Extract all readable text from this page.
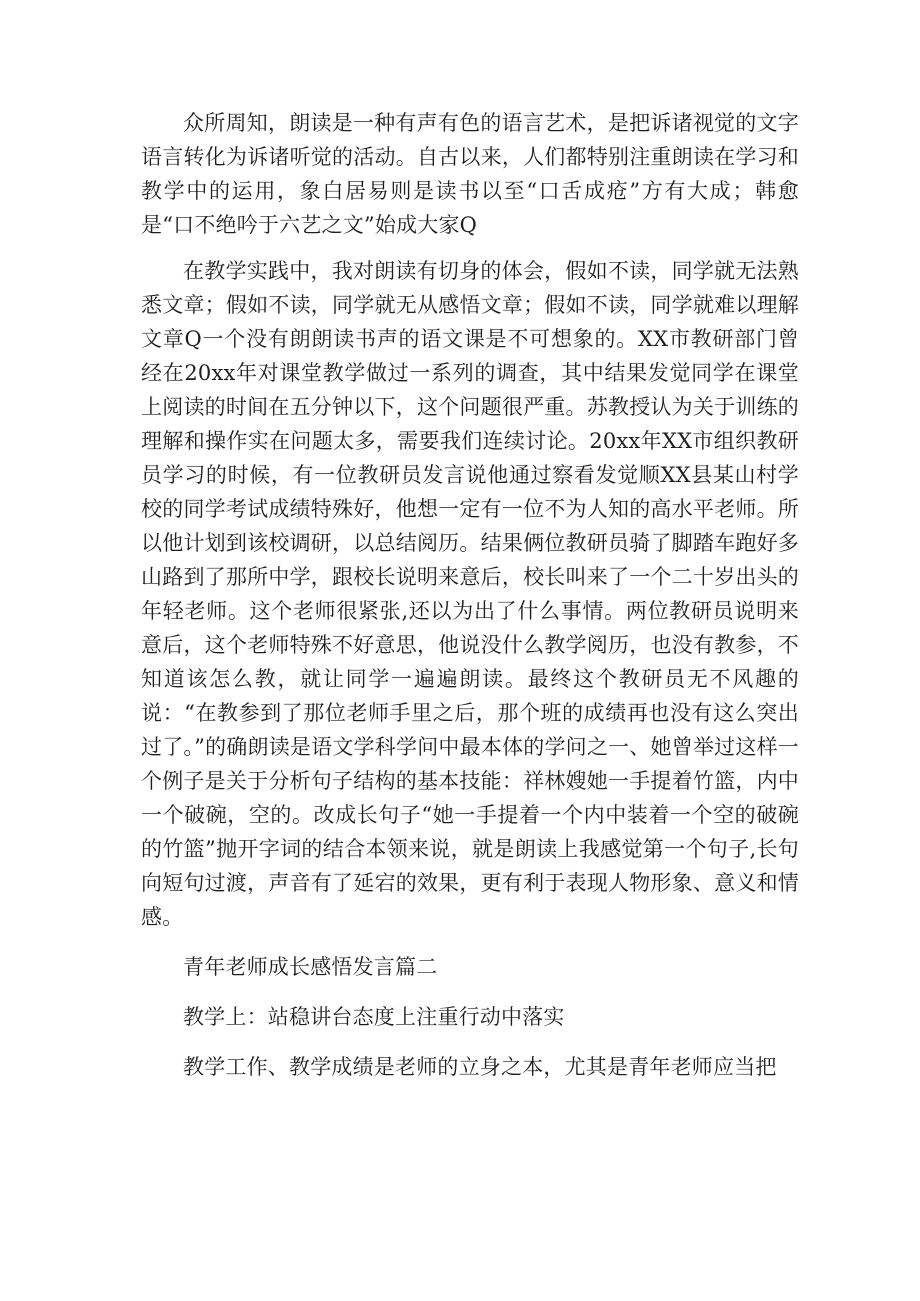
众所周知，朗读是一种有声有色的语言艺术，是把诉诸视觉的文字语言转化为诉诸听觉的活动。自古以来，人们都特别注重朗读在学习和教学中的运用，象白居易则是读书以至“口舌成疮”方有大成；韩愈是“口不绝吟于六艺之文”始成大家Q

在教学实践中，我对朗读有切身的体会，假如不读，同学就无法熟悉文章；假如不读，同学就无从感悟文章；假如不读，同学就难以理解文章Q一个没有朗朗读书声的语文课是不可想象的。XX市教研部门曾经在20xx年对课堂教学做过一系列的调查，其中结果发觉同学在课堂上阅读的时间在五分钟以下，这个问题很严重。苏教授认为关于训练的理解和操作实在问题太多，需要我们连续讨论。20xx年XX市组织教研员学习的时候，有一位教研员发言说他通过察看发觉顺XX县某山村学校的同学考试成绩特殊好，他想一定有一位不为人知的高水平老师。所以他计划到该校调研，以总结阅历。结果俩位教研员骑了脚踏车跑好多山路到了那所中学，跟校长说明来意后，校长叫来了一个二十岁出头的年轻老师。这个老师很紧张,还以为出了什么事情。两位教研员说明来意后，这个老师特殊不好意思，他说没什么教学阅历，也没有教参，不知道该怎么教，就让同学一遍遍朗读。最终这个教研员无不风趣的说：“在教参到了那位老师手里之后，那个班的成绩再也没有这么突出过了。”的确朗读是语文学科学问中最本体的学问之一、她曾举过这样一个例子是关于分析句子结构的基本技能：祥林嫂她一手提着竹篮，内中一个破碗，空的。改成长句子“她一手提着一个内中装着一个空的破碗的竹篮”抛开字词的结合本领来说，就是朗读上我感觉第一个句子,长句向短句过渡，声音有了延宕的效果，更有利于表现人物形象、意义和情感。

青年老师成长感悟发言篇二

教学上：站稳讲台态度上注重行动中落实

教学工作、教学成绩是老师的立身之本，尤其是青年老师应当把
